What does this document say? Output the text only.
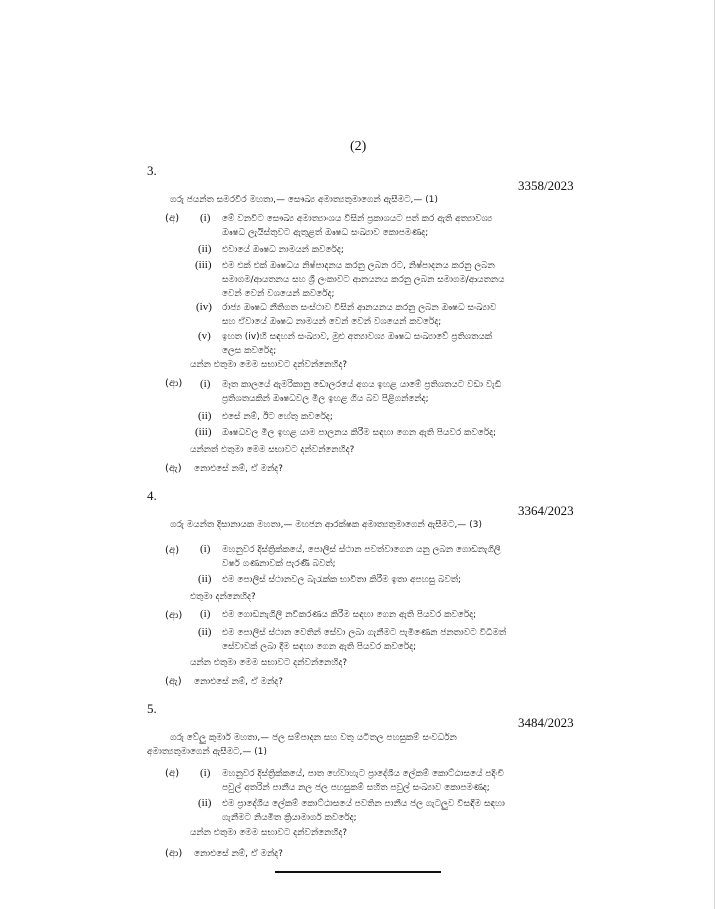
(2)
3.
3358/2023
ගරු ජයන්ත සමරවීර මහතා,— සෞඛ්‍ය අමාත්‍යතුමාගෙන් ඇසීමට,— (1)
(අ) (i) මේ වනවිට සෞඛ්‍ය අමාත්‍යාංශය විසින් ප්‍රකාශයට පත් කර ඇති අත්‍යාවශ්‍ය
ඖෂධ ලැයිස්තුවට ඇතුළත් ඖෂධ සංඛ්‍යාව කොපමණද;
(ii) එවායේ ඖෂධ නාමයන් කවරේද;
(iii) එම එක් එක් ඖෂධය නිෂ්පාදනය කරනු ලබන රට, නිෂ්පාදනය කරනු ලබන
සමාගම/ආයතනය සහ ශ්‍රී ලංකාවට ආනයනය කරනු ලබන සමාගම/ආයතනය
වෙන් වෙන් වශයෙන් කවරේද;
(iv) රාජ්‍ය ඖෂධ නීතිගත සංස්ථාව විසින් ආනයනය කරනු ලබන ඖෂධ සංඛ්‍යාව
සහ ඒවායේ ඖෂධ නාමයන් වෙන් වෙන් වශයෙන් කවරේද;
(v) ඉහත (iv)හි සඳහන් සංඛ්‍යාව, මුළු අත්‍යාවශ්‍ය ඖෂධ සංඛ්‍යාවේ ප්‍රතිශතයක්
ලෙස කවරේද;
යන්න එතුමා මෙම සභාවට දන්වන්නෙහිද?
(ආ) (i) මෑත කාලයේ ඇමරිකානු ඩොලරයේ අගය ඉහළ යාමේ ප්‍රතිශතයට වඩා වැඩි
ප්‍රතිශතයකින් ඖෂධවල මිල ඉහළ ගිය බව පිළිගන්නේද;
(ii) එසේ නම්, ඊට හේතු කවරේද;
(iii) ඖෂධවල මිල ඉහළ යාම පාලනය කිරීම සඳහා ගෙන ඇති පියවර කවරේද;
යන්නත් එතුමා මෙම සභාවට දන්වන්නෙහිද?
(ඇ) නොඑසේ නම්, ඒ මන්ද?
4.
3364/2023
ගරු මයන්ත දිසානායක මහතා,— මහජන ආරක්ෂක අමාත්‍යතුමාගෙන් ඇසීමට,— (3)
(අ) (i) මහනුවර දිස්ත්‍රික්කයේ, පොලිස් ස්ථාන පවත්වාගෙන යනු ලබන ගොඩනැගිලි
වර්ෂ ගණනාවක් පැරණි බවත්;
(ii) එම පොලිස් ස්ථානවල බැරැක්ක භාවිතා කිරීම ඉතා අපහසු බවත්;
එතුමා දන්නෙහිද?
(ආ) (i) එම ගොඩනැගිලි නවීකරණය කිරීම සඳහා ගෙන ඇති පියවර කවරේද;
(ii) එම පොලිස් ස්ථාන වෙතින් සේවා ලබා ගැනීමට පැමිණෙන ජනතාවට විධිමත්
සේවාවක් ලබා දීම සඳහා ගෙන ඇති පියවර කවරේද;
යන්න එතුමා මෙම සභාවට දන්වන්නෙහිද?
(ඇ) නොඑසේ නම්, ඒ මන්ද?
5.
3484/2023
ගරු වේලු කුමාර් මහතා,— ජල සම්පාදන සහ වතු යටිතල පහසුකම් සංවර්ධන
අමාත්‍යතුමාගෙන් ඇසීමට,— (1)
(අ) (i) මහනුවර දිස්ත්‍රික්කයේ, පාත හේවාහැට ප්‍රාදේශීය ලේකම් කොට්ඨාසයේ පදිංචි
පවුල් අතරින් පානීය නල ජල පහසුකම් සහිත පවුල් සංඛ්‍යාව කොපමණද;
(ii) එම ප්‍රාදේශීය ලේකම් කොට්ඨාසයේ පවතින පානීය ජල ගැටලුව විසඳීම සඳහා
ගැනීමට නියමිත ක්‍රියාමාර්ග කවරේද;
යන්න එතුමා මෙම සභාවට දන්වන්නෙහිද?
(ආ) නොඑසේ නම්, ඒ මන්ද?
